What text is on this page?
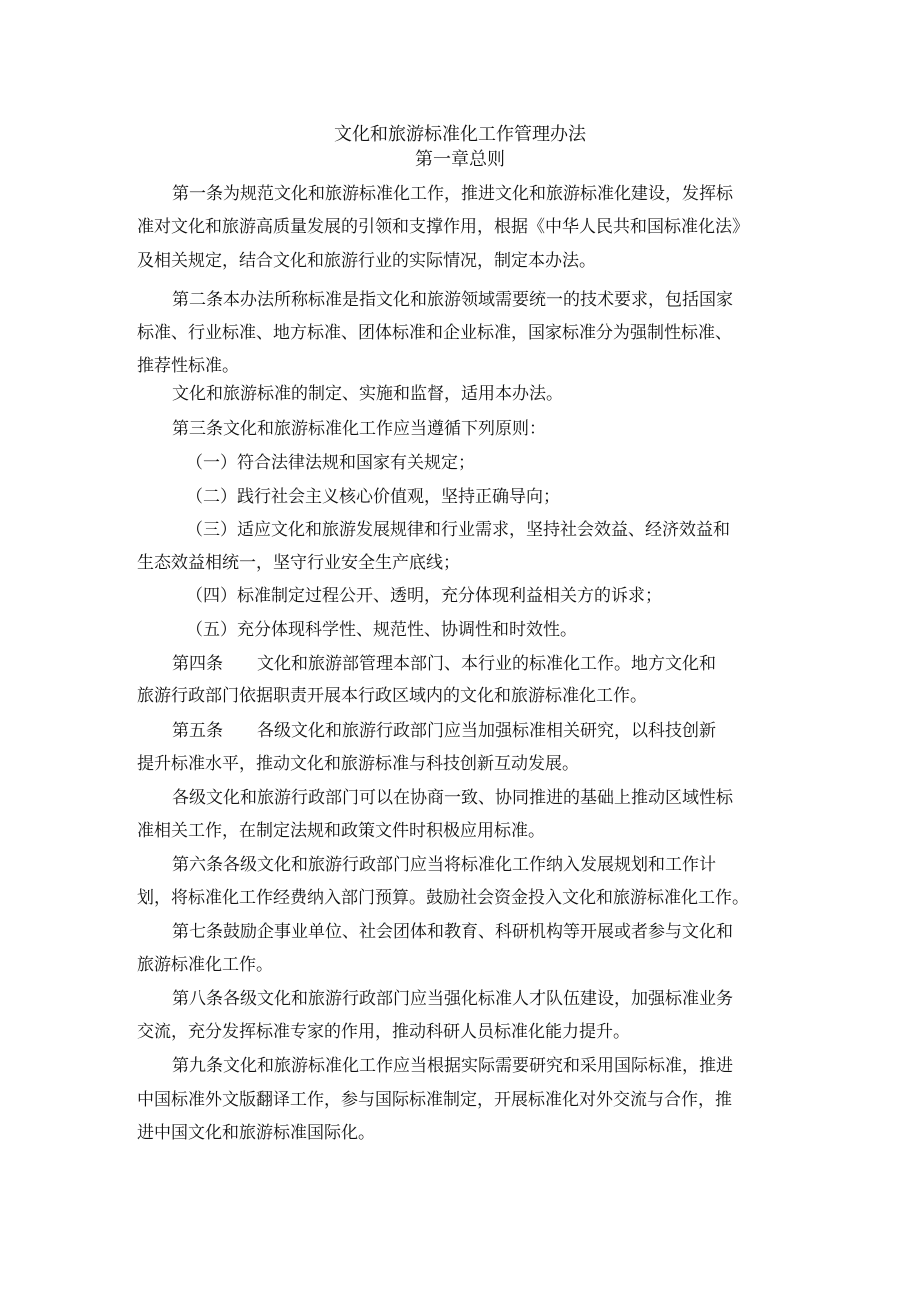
文化和旅游标准化工作管理办法
第一章总则
第一条为规范文化和旅游标准化工作，推进文化和旅游标准化建设，发挥标
准对文化和旅游高质量发展的引领和支撑作用，根据《中华人民共和国标准化法》
及相关规定，结合文化和旅游行业的实际情况，制定本办法。
第二条本办法所称标准是指文化和旅游领域需要统一的技术要求，包括国家
标准、行业标准、地方标准、团体标准和企业标准，国家标准分为强制性标准、
推荐性标准。
文化和旅游标准的制定、实施和监督，适用本办法。
第三条文化和旅游标准化工作应当遵循下列原则：
（一）符合法律法规和国家有关规定；
（二）践行社会主义核心价值观，坚持正确导向；
（三）适应文化和旅游发展规律和行业需求，坚持社会效益、经济效益和
生态效益相统一，坚守行业安全生产底线；
（四）标准制定过程公开、透明，充分体现利益相关方的诉求；
（五）充分体现科学性、规范性、协调性和时效性。
第四条　　文化和旅游部管理本部门、本行业的标准化工作。地方文化和
旅游行政部门依据职责开展本行政区域内的文化和旅游标准化工作。
第五条　　各级文化和旅游行政部门应当加强标准相关研究，以科技创新
提升标准水平，推动文化和旅游标准与科技创新互动发展。
各级文化和旅游行政部门可以在协商一致、协同推进的基础上推动区域性标
准相关工作，在制定法规和政策文件时积极应用标准。
第六条各级文化和旅游行政部门应当将标准化工作纳入发展规划和工作计
划，将标准化工作经费纳入部门预算。鼓励社会资金投入文化和旅游标准化工作。
第七条鼓励企事业单位、社会团体和教育、科研机构等开展或者参与文化和
旅游标准化工作。
第八条各级文化和旅游行政部门应当强化标准人才队伍建设，加强标准业务
交流，充分发挥标准专家的作用，推动科研人员标准化能力提升。
第九条文化和旅游标准化工作应当根据实际需要研究和采用国际标准，推进
中国标准外文版翻译工作，参与国际标准制定，开展标准化对外交流与合作，推
进中国文化和旅游标准国际化。
